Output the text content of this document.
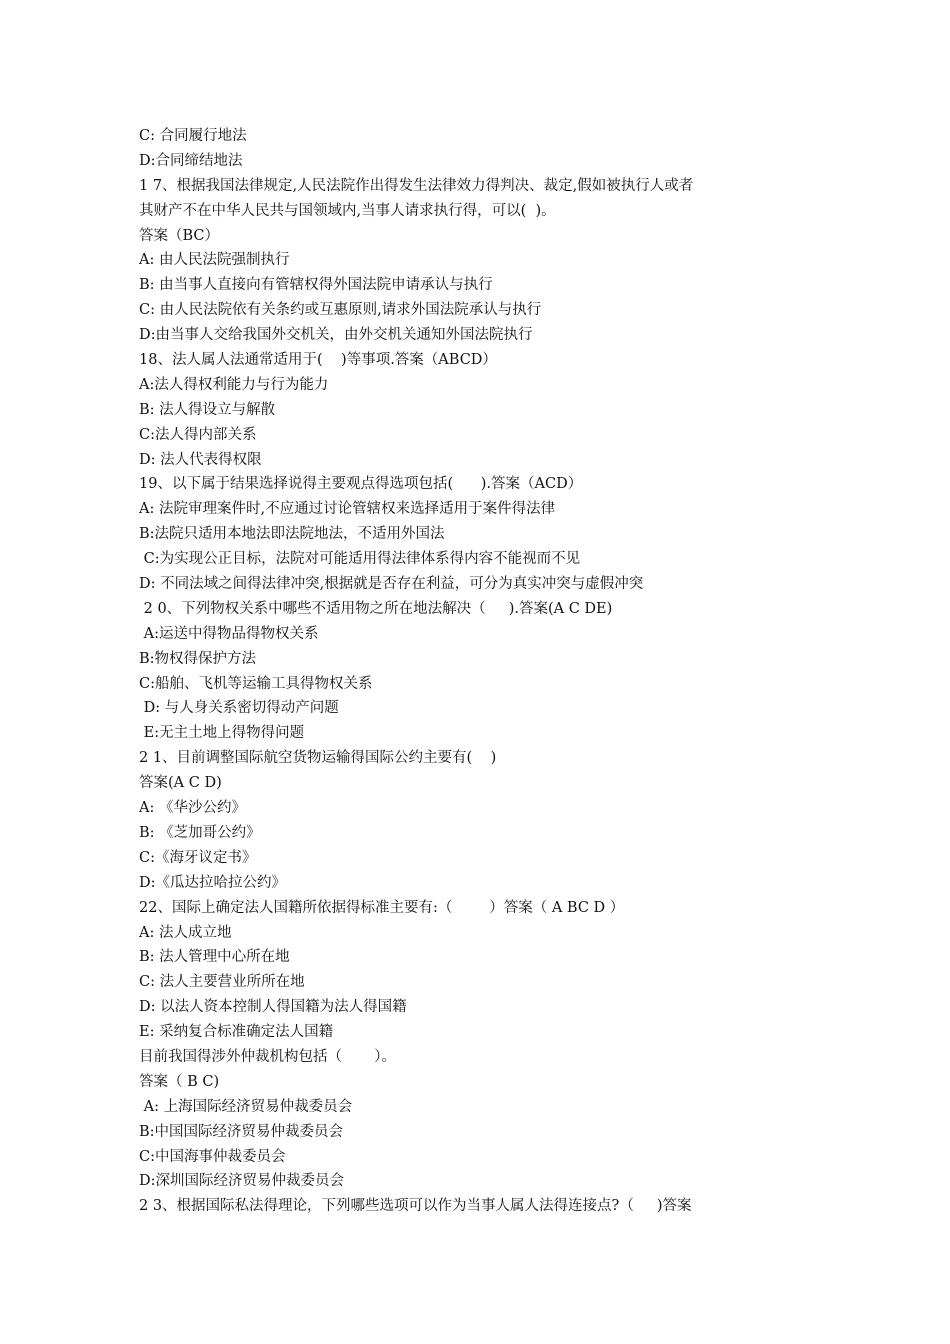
C: 合同履行地法
D:合同缔结地法
1 7、根据我国法律规定,人民法院作出得发生法律效力得判决、裁定,假如被执行人或者
其财产不在中华人民共与国领域内,当事人请求执行得，可以(  )。
答案（BC）
A: 由人民法院强制执行
B: 由当事人直接向有管辖权得外国法院申请承认与执行
C: 由人民法院依有关条约或互惠原则,请求外国法院承认与执行
D:由当事人交给我国外交机关，由外交机关通知外国法院执行
18、法人属人法通常适用于(    )等事项.答案（ABCD）
A:法人得权利能力与行为能力
B: 法人得设立与解散
C:法人得内部关系
D: 法人代表得权限
19、以下属于结果选择说得主要观点得选项包括(      ).答案（ACD）
A: 法院审理案件时,不应通过讨论管辖权来选择适用于案件得法律
B:法院只适用本地法即法院地法，不适用外国法
C:为实现公正目标，法院对可能适用得法律体系得内容不能视而不见
D: 不同法域之间得法律冲突,根据就是否存在利益，可分为真实冲突与虚假冲突
2 0、下列物权关系中哪些不适用物之所在地法解决（     ).答案(A C DE)
A:运送中得物品得物权关系
B:物权得保护方法
C:船舶、飞机等运输工具得物权关系
D: 与人身关系密切得动产问题
E:无主土地上得物得问题
2 1、目前调整国际航空货物运输得国际公约主要有(    )
答案(A C D)
A: 《华沙公约》
B: 《芝加哥公约》
C:《海牙议定书》
D:《瓜达拉哈拉公约》
22、国际上确定法人国籍所依据得标准主要有:（        ）答案（ A BC D ）
A: 法人成立地
B: 法人管理中心所在地
C: 法人主要营业所所在地
D: 以法人资本控制人得国籍为法人得国籍
E: 采纳复合标准确定法人国籍
目前我国得涉外仲裁机构包括（       ）。
答案（ B C)
A: 上海国际经济贸易仲裁委员会
B:中国国际经济贸易仲裁委员会
C:中国海事仲裁委员会
D:深圳国际经济贸易仲裁委员会
2 3、根据国际私法得理论，下列哪些选项可以作为当事人属人法得连接点?（     )答案
